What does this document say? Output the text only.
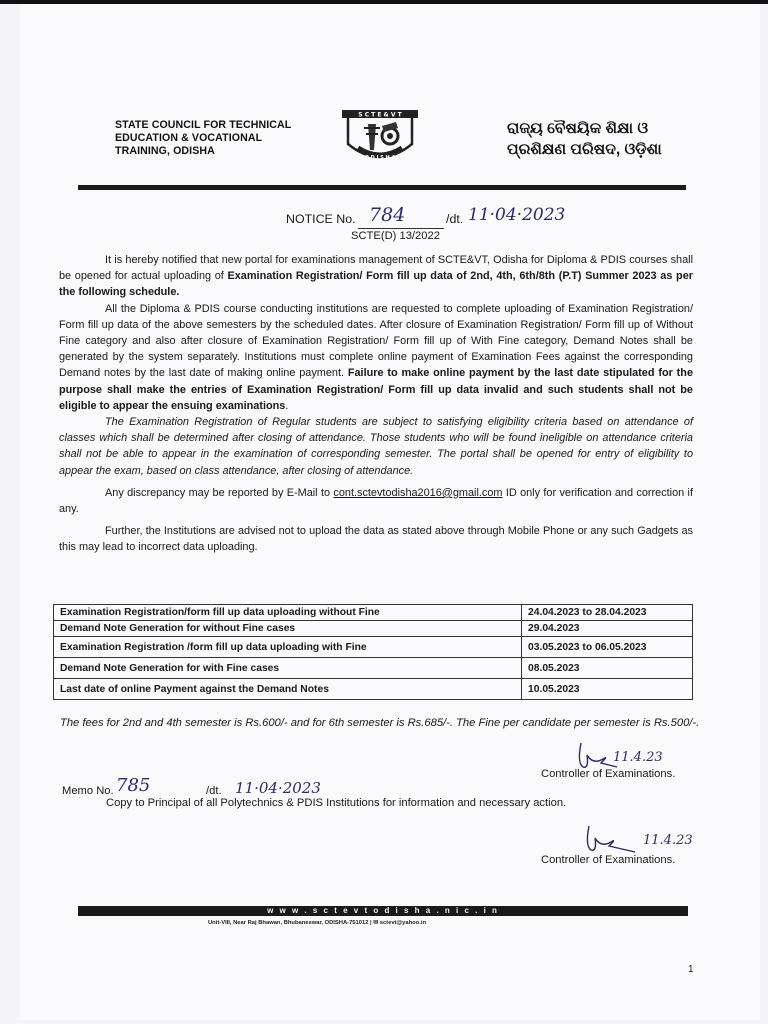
STATE COUNCIL FOR TECHNICAL
EDUCATION & VOCATIONAL
TRAINING, ODISHA
S C T E & V T
O D I S H A
ରାଜ୍ୟ ବୈଷୟିକ ଶିକ୍ଷା ଓ
ପ୍ରଶିକ୍ଷଣ ପରିଷଦ, ଓଡ଼ିଶା
NOTICE No. 784	/dt. 11·04·2023
SCTE(D) 13/2022

It is hereby notified that new portal for examinations management of SCTE&VT, Odisha for Diploma & PDIS courses shall be opened for actual uploading of Examination Registration/ Form fill up data of 2nd, 4th, 6th/8th (P.T) Summer 2023 as per the following schedule.

All the Diploma & PDIS course conducting institutions are requested to complete uploading of Examination Registration/ Form fill up data of the above semesters by the scheduled dates. After closure of Examination Registration/ Form fill up of Without Fine category and also after closure of Examination Registration/ Form fill up of With Fine category, Demand Notes shall be generated by the system separately. Institutions must complete online payment of Examination Fees against the corresponding Demand notes by the last date of making online payment. Failure to make online payment by the last date stipulated for the purpose shall make the entries of Examination Registration/ Form fill up data invalid and such students shall not be eligible to appear the ensuing examinations.

The Examination Registration of Regular students are subject to satisfying eligibility criteria based on attendance of classes which shall be determined after closing of attendance. Those students who will be found ineligible on attendance criteria shall not be able to appear in the examination of corresponding semester. The portal shall be opened for entry of eligibility to appear the exam, based on class attendance, after closing of attendance.

Any discrepancy may be reported by E-Mail to cont.sctevtodisha2016@gmail.com ID only for verification and correction if any.

Further, the Institutions are advised not to upload the data as stated above through Mobile Phone or any such Gadgets as this may lead to incorrect data uploading.

Examination Registration/form fill up data uploading without Fine	24.04.2023 to 28.04.2023
Demand Note Generation for without Fine cases	29.04.2023
Examination Registration /form fill up data uploading with Fine	03.05.2023 to 06.05.2023
Demand Note Generation for with Fine cases	08.05.2023
Last date of online Payment against the Demand Notes	10.05.2023
The fees for 2nd and 4th semester is Rs.600/- and for 6th semester is Rs.685/-. The Fine per candidate per semester is Rs.500/-.
11.4.23
Controller of Examinations.
Memo No. 785	/dt. 11·04·2023
Copy to Principal of all Polytechnics & PDIS Institutions for information and necessary action.
11.4.23
Controller of Examinations.
w w w . s c t e v t o d i s h a . n i c . i n
Unit-VIII, Near Raj Bhawan, Bhubaneswar, ODISHA-751012 | ✉ sctevt@yahoo.in
1
